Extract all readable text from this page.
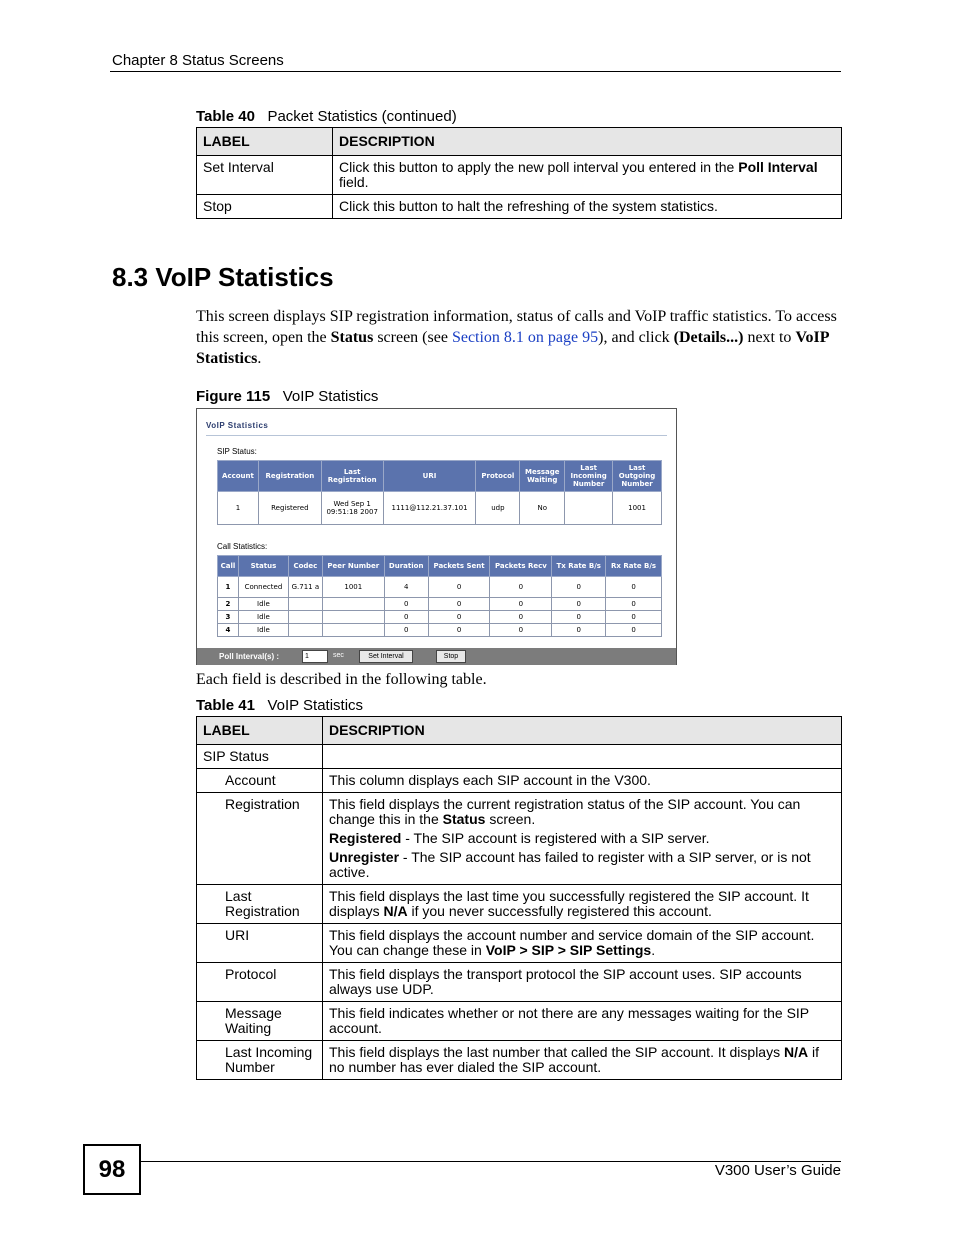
Chapter 8 Status Screens
Table 40 Packet Statistics (continued)
LABEL	DESCRIPTION
Set Interval	Click this button to apply the new poll interval you entered in the Poll Interval field.
Stop	Click this button to halt the refreshing of the system statistics.
8.3 VoIP Statistics
This screen displays SIP registration information, status of calls and VoIP traffic statistics. To access this screen, open the Status screen (see Section 8.1 on page 95), and click (Details...) next to VoIP Statistics.
Figure 115 VoIP Statistics
VoIP Statistics
SIP Status:
Account	Registration	Last Registration	URI	Protocol	Message Waiting	Last Incoming Number	Last Outgoing Number
1	Registered	Wed Sep 1 09:51:18 2007	1111@112.21.37.101	udp	No		1001
Call Statistics:
Call	Status	Codec	Peer Number	Duration	Packets Sent	Packets Recv	Tx Rate B/s	Rx Rate B/s
1	Connected	G.711 a	1001	4	0	0	0	0
2	Idle			0	0	0	0	0
3	Idle			0	0	0	0	0
4	Idle			0	0	0	0	0
Poll Interval(s) :	1	sec	Set Interval	Stop
Each field is described in the following table.
Table 41 VoIP Statistics
LABEL	DESCRIPTION
SIP Status	
Account	This column displays each SIP account in the V300.
Registration	This field displays the current registration status of the SIP account. You can change this in the Status screen.

Registered - The SIP account is registered with a SIP server.

Unregister - The SIP account has failed to register with a SIP server, or is not active.

Last Registration	This field displays the last time you successfully registered the SIP account. It displays N/A if you never successfully registered this account.
URI	This field displays the account number and service domain of the SIP account. You can change these in VoIP > SIP > SIP Settings.
Protocol	This field displays the transport protocol the SIP account uses. SIP accounts always use UDP.
Message Waiting	This field indicates whether or not there are any messages waiting for the SIP account.
Last Incoming Number	This field displays the last number that called the SIP account. It displays N/A if no number has ever dialed the SIP account.
98	V300 User’s Guide
